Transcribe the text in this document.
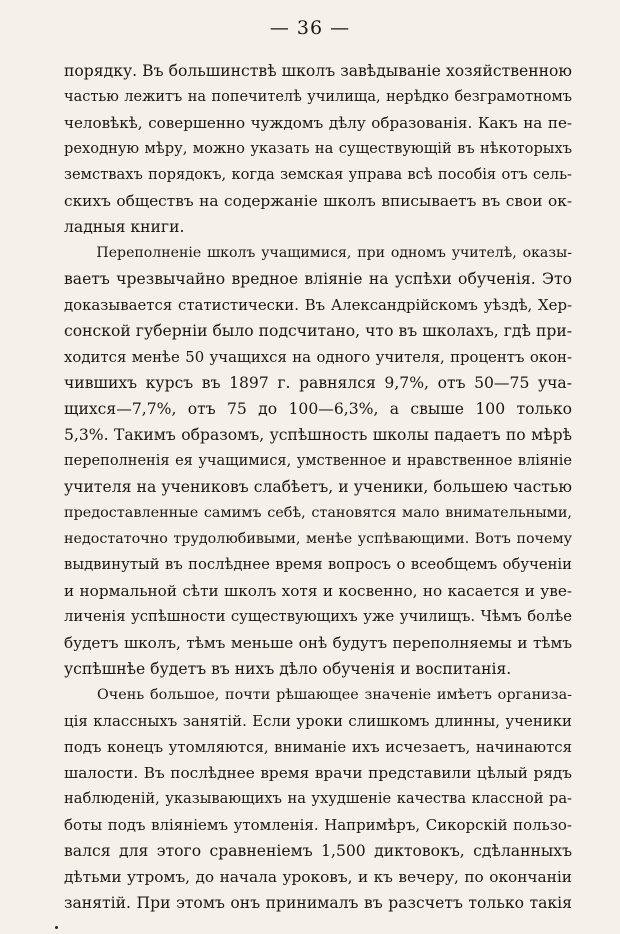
— 36 —
порядку. Въ большинствѣ школъ завѣдываніе хозяйственною
частью лежитъ на попечителѣ училища, нерѣдко безграмотномъ
человѣкѣ, совершенно чуждомъ дѣлу образованія. Какъ на пе-
реходную мѣру, можно указать на существующій въ нѣкоторыхъ
земствахъ порядокъ, когда земская управа всѣ пособія отъ сель-
скихъ обществъ на содержаніе школъ вписываетъ въ свои ок-
ладныя книги.
Переполненіе школъ учащимися, при одномъ учителѣ, оказы-
ваетъ чрезвычайно вредное вліяніе на успѣхи обученія. Это
доказывается статистически. Въ Александрійскомъ уѣздѣ, Хер-
сонской губерніи было подсчитано, что въ школахъ, гдѣ при-
ходится менѣе 50 учащихся на одного учителя, процентъ окон-
чившихъ курсъ въ 1897 г. равнялся 9,7%, отъ 50—75 уча-
щихся—7,7%, отъ 75 до 100—6,3%, а свыше 100 только
5,3%. Такимъ образомъ, успѣшность школы падаетъ по мѣрѣ
переполненія ея учащимися, умственное и нравственное вліяніе
учителя на учениковъ слабѣетъ, и ученики, большею частью
предоставленные самимъ себѣ, становятся мало внимательными,
недостаточно трудолюбивыми, менѣе успѣвающими. Вотъ почему
выдвинутый въ послѣднее время вопросъ о всеобщемъ обученіи
и нормальной сѣти школъ хотя и косвенно, но касается и уве-
личенія успѣшности существующихъ уже училищъ. Чѣмъ болѣе
будетъ школъ, тѣмъ меньше онѣ будутъ переполняемы и тѣмъ
успѣшнѣе будетъ въ нихъ дѣло обученія и воспитанія.
Очень большое, почти рѣшающее значеніе имѣетъ организа-
ція классныхъ занятій. Если уроки слишкомъ длинны, ученики
подъ конецъ утомляются, вниманіе ихъ исчезаетъ, начинаются
шалости. Въ послѣднее время врачи представили цѣлый рядъ
наблюденій, указывающихъ на ухудшеніе качества классной ра-
боты подъ вліяніемъ утомленія. Напримѣръ, Сикорскій пользо-
вался для этого сравненіемъ 1,500 диктовокъ, сдѣланныхъ
дѣтьми утромъ, до начала уроковъ, и къ вечеру, по окончаніи
занятій. При этомъ онъ принималъ въ разсчетъ только такія
